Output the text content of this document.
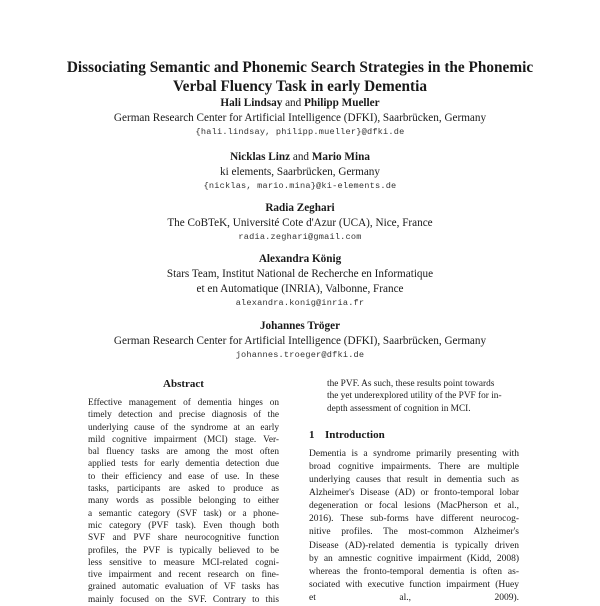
Dissociating Semantic and Phonemic Search Strategies in the Phonemic
Verbal Fluency Task in early Dementia
Hali Lindsay and Philipp Mueller
German Research Center for Artificial Intelligence (DFKI), Saarbrücken, Germany
{hali.lindsay, philipp.mueller}@dfki.de
Nicklas Linz and Mario Mina
ki elements, Saarbrücken, Germany
{nicklas, mario.mina}@ki-elements.de
Radia Zeghari
The CoBTeK, Université Cote d'Azur (UCA), Nice, France
radia.zeghari@gmail.com
Alexandra König
Stars Team, Institut National de Recherche en Informatique
et en Automatique (INRIA), Valbonne, France
alexandra.konig@inria.fr
Johannes Tröger
German Research Center for Artificial Intelligence (DFKI), Saarbrücken, Germany
johannes.troeger@dfki.de
Abstract
Effective management of dementia hinges on
timely detection and precise diagnosis of the
underlying cause of the syndrome at an early
mild cognitive impairment (MCI) stage. Ver-
bal fluency tasks are among the most often
applied tests for early dementia detection due
to their efficiency and ease of use. In these
tasks, participants are asked to produce as
many words as possible belonging to either
a semantic category (SVF task) or a phone-
mic category (PVF task). Even though both
SVF and PVF share neurocognitive function
profiles, the PVF is typically believed to be
less sensitive to measure MCI-related cogni-
tive impairment and recent research on fine-
grained automatic evaluation of VF tasks has
mainly focused on the SVF. Contrary to this
the PVF. As such, these results point towards
the yet underexplored utility of the PVF for in-
depth assessment of cognition in MCI.
1 Introduction
Dementia is a syndrome primarily presenting with
broad cognitive impairments. There are multiple
underlying causes that result in dementia such as
Alzheimer's Disease (AD) or fronto-temporal lobar
degeneration or focal lesions (MacPherson et al.,
2016). These sub-forms have different neurocog-
nitive profiles. The most-common Alzheimer's
Disease (AD)-related dementia is typically driven
by an amnestic cognitive impairment (Kidd, 2008)
whereas the fronto-temporal dementia is often as-
sociated with executive function impairment (Huey
et al., 2009).
